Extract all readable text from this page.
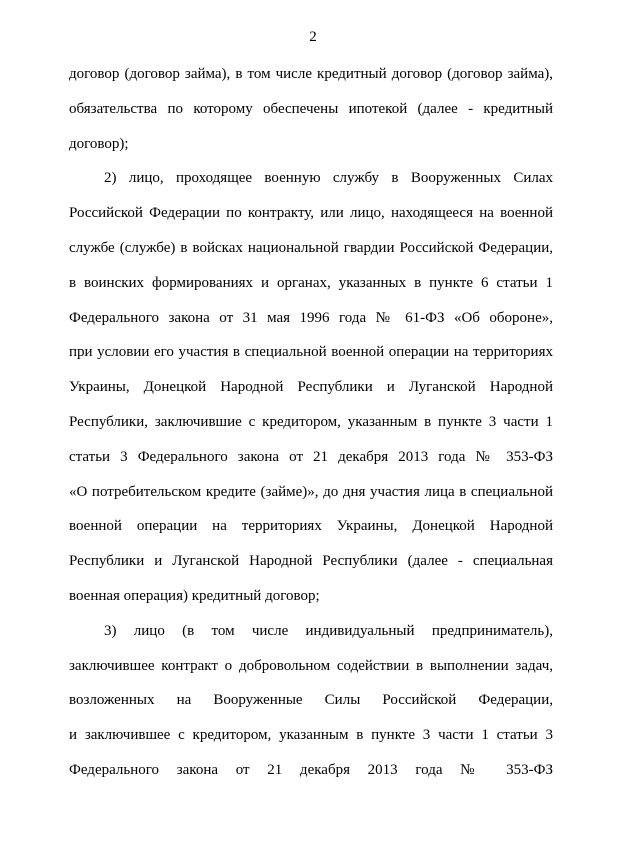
2
договор (договор займа), в том числе кредитный договор (договор займа),
обязательства по которому обеспечены ипотекой (далее - кредитный
договор);
2) лицо, проходящее военную службу в Вооруженных Силах
Российской Федерации по контракту, или лицо, находящееся на военной
службе (службе) в войсках национальной гвардии Российской Федерации,
в воинских формированиях и органах, указанных в пункте 6 статьи 1
Федерального закона от 31 мая 1996 года № 61-ФЗ «Об обороне»,
при условии его участия в специальной военной операции на территориях
Украины, Донецкой Народной Республики и Луганской Народной
Республики, заключившие с кредитором, указанным в пункте 3 части 1
статьи 3 Федерального закона от 21 декабря 2013 года № 353-ФЗ
«О потребительском кредите (займе)», до дня участия лица в специальной
военной операции на территориях Украины, Донецкой Народной
Республики и Луганской Народной Республики (далее - специальная
военная операция) кредитный договор;
3) лицо (в том числе индивидуальный предприниматель),
заключившее контракт о добровольном содействии в выполнении задач,
возложенных на Вооруженные Силы Российской Федерации,
и заключившее с кредитором, указанным в пункте 3 части 1 статьи 3
Федерального закона от 21 декабря 2013 года № 353-ФЗ
